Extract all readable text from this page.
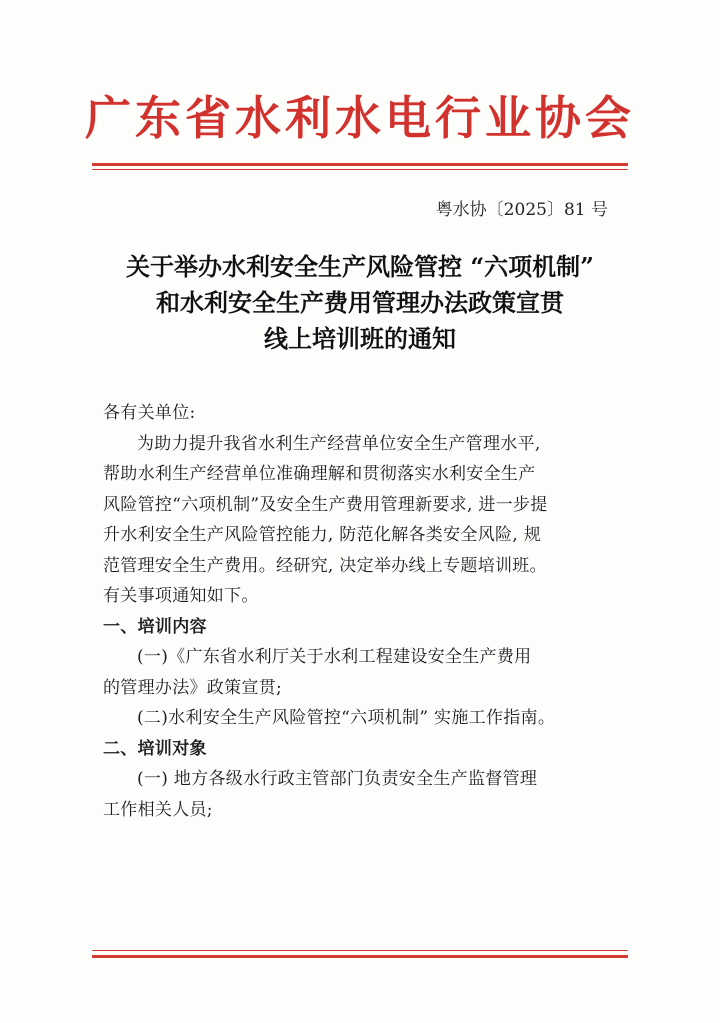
广东省水利水电行业协会
粤水协〔2025〕81 号
关于举办水利安全生产风险管控 “六项机制”
和水利安全生产费用管理办法政策宣贯
线上培训班的通知

各有关单位:

为助力提升我省水利生产经营单位安全生产管理水平,

帮助水利生产经营单位准确理解和贯彻落实水利安全生产

风险管控“六项机制”及安全生产费用管理新要求, 进一步提

升水利安全生产风险管控能力, 防范化解各类安全风险, 规

范管理安全生产费用。经研究, 决定举办线上专题培训班。

有关事项通知如下。

一、培训内容

(一)《广东省水利厅关于水利工程建设安全生产费用

的管理办法》政策宣贯;

(二)水利安全生产风险管控“六项机制” 实施工作指南。

二、培训对象

(一) 地方各级水行政主管部门负责安全生产监督管理

工作相关人员;
